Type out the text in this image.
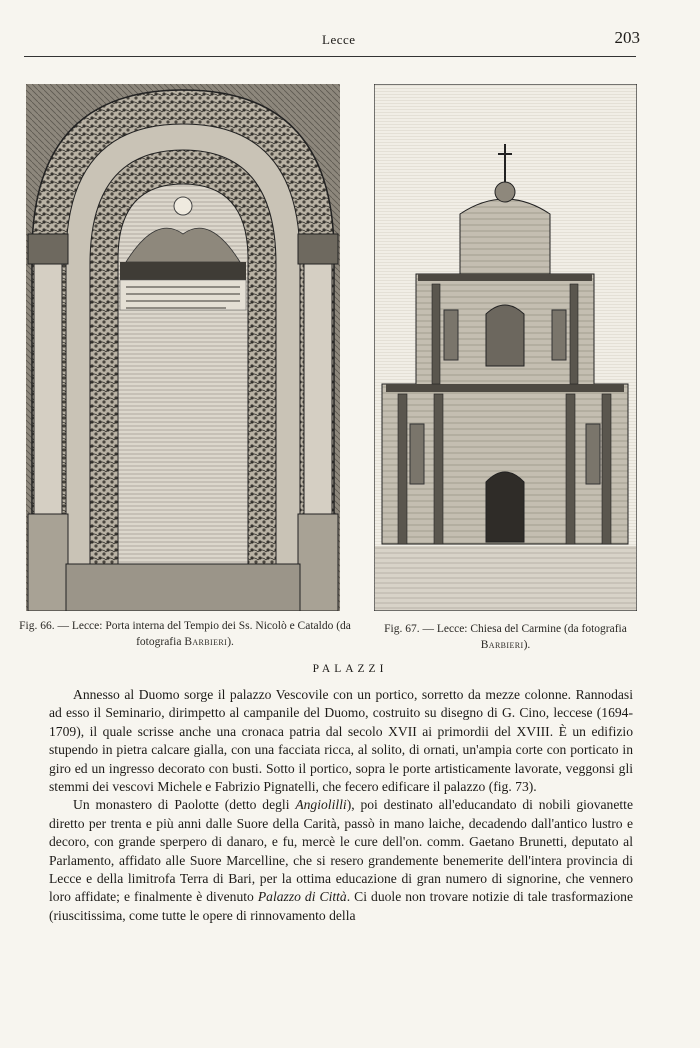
Lecce	203
Fig. 66. — Lecce: Porta interna del Tempio dei Ss. Nicolò e Cataldo (da fotografia Barbieri).
Fig. 67. — Lecce: Chiesa del Carmine (da fotografia Barbieri).
PALAZZI

Annesso al Duomo sorge il palazzo Vescovile con un portico, sorretto da mezze colonne. Rannodasi ad esso il Seminario, dirimpetto al campanile del Duomo, costruito su disegno di G. Cino, leccese (1694-1709), il quale scrisse anche una cronaca patria dal secolo XVII ai primordii del XVIII. È un edifizio stupendo in pietra calcare gialla, con una facciata ricca, al solito, di ornati, un'ampia corte con porticato in giro ed un ingresso decorato con busti. Sotto il portico, sopra le porte artisticamente lavorate, veggonsi gli stemmi dei vescovi Michele e Fabrizio Pignatelli, che fecero edificare il palazzo (fig. 73).

Un monastero di Paolotte (detto degli Angiolilli), poi destinato all'educandato di nobili giovanette diretto per trenta e più anni dalle Suore della Carità, passò in mano laiche, decadendo dall'antico lustro e decoro, con grande sperpero di danaro, e fu, mercè le cure dell'on. comm. Gaetano Brunetti, deputato al Parlamento, affidato alle Suore Marcelline, che si resero grandemente benemerite dell'intera provincia di Lecce e della limitrofa Terra di Bari, per la ottima educazione di gran numero di signorine, che vennero loro affidate; e finalmente è divenuto Palazzo di Città. Ci duole non trovare notizie di tale trasformazione (riuscitissima, come tutte le opere di rinnovamento della
